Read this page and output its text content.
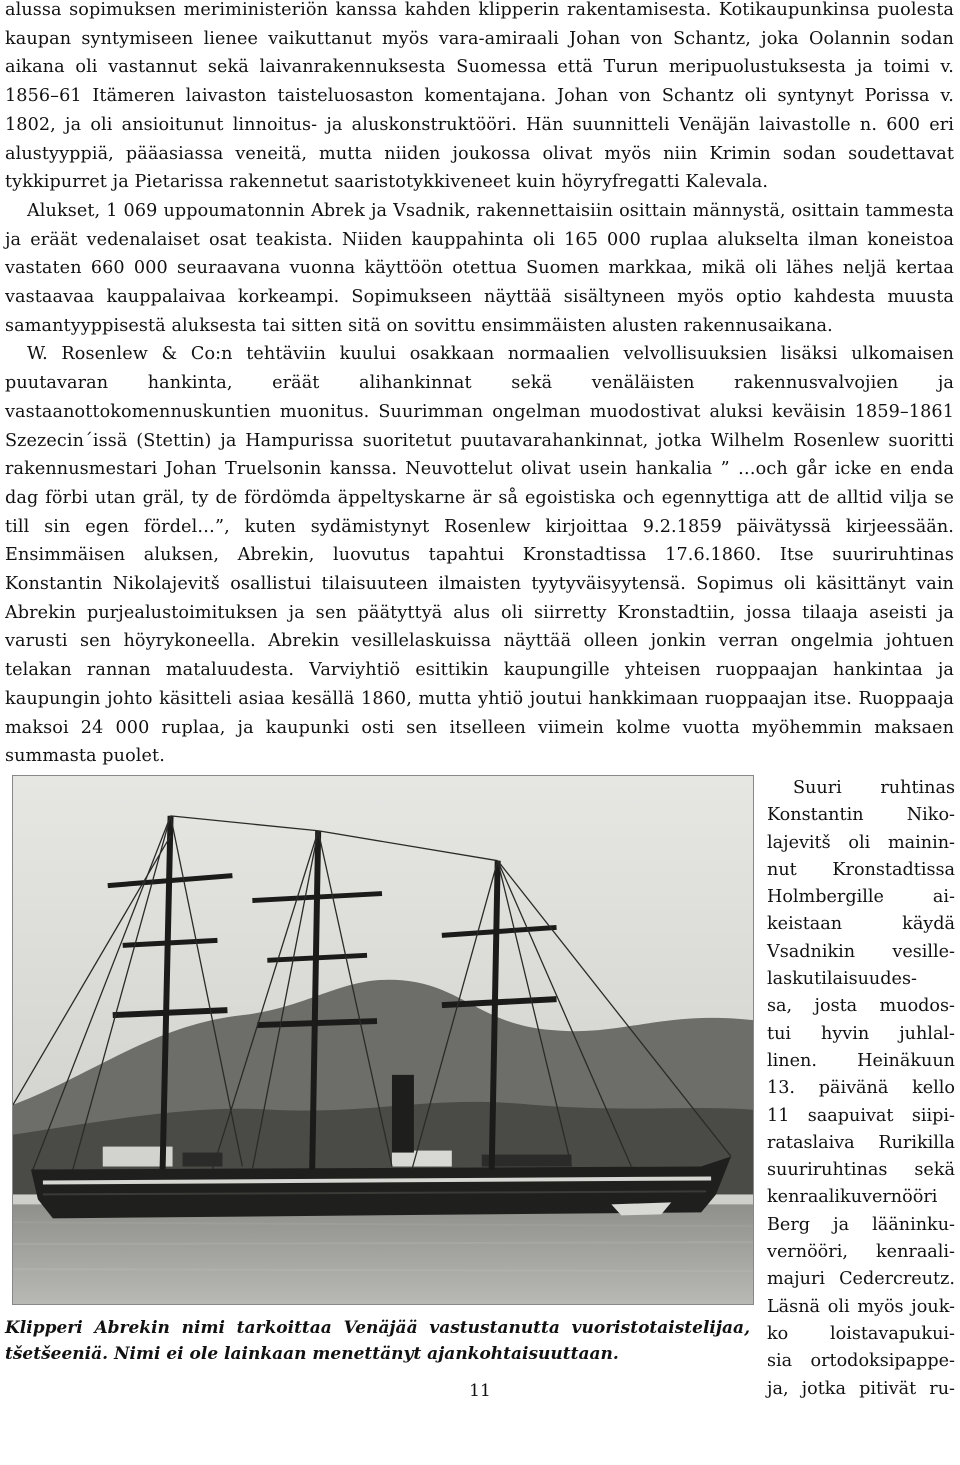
alussa sopimuksen meriministeriön kanssa kahden klipperin rakentamisesta. Kotikaupunkinsa puolesta kaupan syntymiseen lienee vaikuttanut myös vara-amiraali Johan von Schantz, joka Oolannin sodan aikana oli vastannut sekä laivanrakennuksesta Suomessa että Turun meripuolustuksesta ja toimi v. 1856–61 Itämeren laivaston taisteluosaston komentajana. Johan von Schantz oli syntynyt Porissa v. 1802, ja oli ansioitunut linnoitus- ja aluskonstruktööri. Hän suunnitteli Venäjän laivastolle n. 600 eri alustyyppiä, pääasiassa veneitä, mutta niiden joukossa olivat myös niin Krimin sodan soudettavat tykkipurret ja Pietarissa rakennetut saaristotykkiveneet kuin höyryfregatti Kalevala.

Alukset, 1 069 uppoumatonnin Abrek ja Vsadnik, rakennettaisiin osittain männystä, osittain tammesta ja eräät vedenalaiset osat teakista. Niiden kauppahinta oli 165 000 ruplaa alukselta ilman koneistoa vastaten 660 000 seuraavana vuonna käyttöön otettua Suomen markkaa, mikä oli lähes neljä kertaa vastaavaa kauppalaivaa korkeampi. Sopimukseen näyttää sisältyneen myös optio kahdesta muusta samantyyppisestä aluksesta tai sitten sitä on sovittu ensimmäisten alusten rakennusaikana.

W. Rosenlew & Co:n tehtäviin kuului osakkaan normaalien velvollisuuksien lisäksi ulkomaisen puutavaran hankinta, eräät alihankinnat sekä venäläisten rakennusvalvojien ja vastaanottokomennuskuntien muonitus. Suurimman ongelman muodostivat aluksi keväisin 1859–1861 Szezecin´issä (Stettin) ja Hampurissa suoritetut puutavarahankinnat, jotka Wilhelm Rosenlew suoritti rakennusmestari Johan Truelsonin kanssa. Neuvottelut olivat usein hankalia ” …och går icke en enda dag förbi utan gräl, ty de fördömda äppeltyskarne är så egoistiska och egennyttiga att de alltid vilja se till sin egen fördel…”, kuten sydämistynyt Rosenlew kirjoittaa 9.2.1859 päivätyssä kirjeessään. Ensimmäisen aluksen, Abrekin, luovutus tapahtui Kronstadtissa 17.6.1860. Itse suuriruhtinas Konstantin Nikolajevitš osallistui tilaisuuteen ilmaisten tyytyväisyytensä. Sopimus oli käsittänyt vain Abrekin purjealustoimituksen ja sen päätyttyä alus oli siirretty Kronstadtiin, jossa tilaaja aseisti ja varusti sen höyrykoneella. Abrekin vesillelaskuissa näyttää olleen jonkin verran ongelmia johtuen telakan rannan mataluudesta. Varviyhtiö esittikin kaupungille yhteisen ruoppaajan hankintaa ja kaupungin johto käsitteli asiaa kesällä 1860, mutta yhtiö joutui hankkimaan ruoppaajan itse. Ruoppaaja maksoi 24 000 ruplaa, ja kaupunki osti sen itselleen viimein kolme vuotta myöhemmin maksaen summasta puolet.

Klipperi Abrekin nimi tarkoittaa Venäjää vastustanutta vuoristotaistelijaa, tšetšeeniä. Nimi ei ole lainkaan menettänyt ajankohtaisuuttaan.

Suuri ruhtinas
Konstantin Niko-
lajevitš oli mainin-
nut Kronstadtissa
Holmbergille ai-
keistaan käydä
Vsadnikin vesille-
laskutilaisuudes-
sa, josta muodos-
tui hyvin juhlal-
linen. Heinäkuun
13. päivänä kello
11 saapuivat siipi-
rataslaiva Rurikilla
suuriruhtinas sekä
kenraalikuvernööri
Berg ja lääninku-
vernööri, kenraali-
majuri Cedercreutz.
Läsnä oli myös jouk-
ko loistavapukui-
sia ortodoksipappe-
ja, jotka pitivät ru-
11
